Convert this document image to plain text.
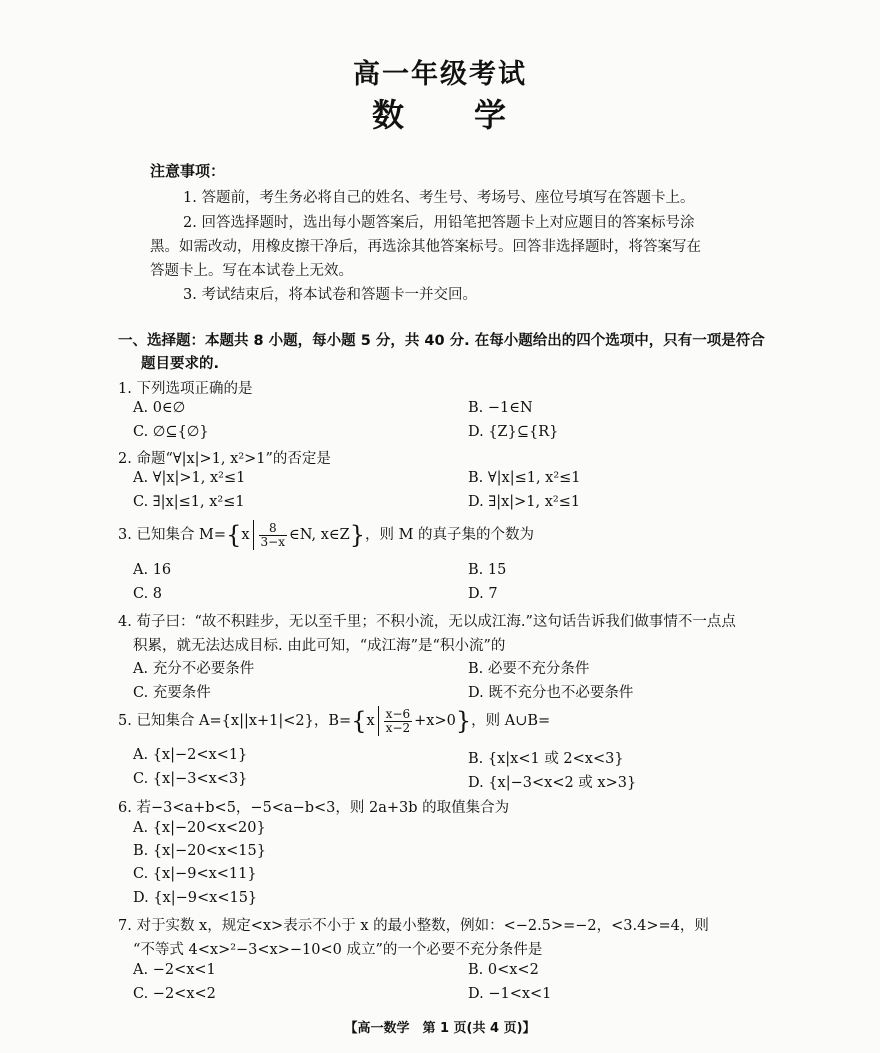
高一年级考试
数 学
注意事项：
1. 答题前，考生务必将自己的姓名、考生号、考场号、座位号填写在答题卡上。
2. 回答选择题时，选出每小题答案后，用铅笔把答题卡上对应题目的答案标号涂
黑。如需改动，用橡皮擦干净后，再选涂其他答案标号。回答非选择题时，将答案写在
答题卡上。写在本试卷上无效。
3. 考试结束后，将本试卷和答题卡一并交回。
一、选择题：本题共 8 小题，每小题 5 分，共 40 分. 在每小题给出的四个选项中，只有一项是符合
题目要求的.
1. 下列选项正确的是
A. 0∈∅	B. −1∈N
C. ∅⊆{∅}	D. {Z}⊆{R}
2. 命题“∀|x|>1, x²>1”的否定是
A. ∀|x|>1, x²≤1	B. ∀|x|≤1, x²≤1
C. ∃|x|≤1, x²≤1	D. ∃|x|>1, x²≤1
3. 已知集合 $M=\{x \frac{8}{3-x}$ ∈N, x∈Z}，则 M 的真子集的个数为
A. 16	B. 15
C. 8	D. 7
4. 荀子曰：“故不积跬步，无以至千里；不积小流，无以成江海.”这句话告诉我们做事情不一点点
积累，就无法达成目标. 由此可知，“成江海”是“积小流”的
A. 充分不必要条件	B. 必要不充分条件
C. 充要条件	D. 既不充分也不必要条件
5. 已知集合 A={x||x+1|<2}，$B=\{x \frac{x-6}{x-2} +x>0\}$，则 A∪B=
A. {x|−2<x<1}	B. {x|x<1 或 2<x<3}
C. {x|−3<x<3}	D. {x|−3<x<2 或 x>3}
6. 若−3<a+b<5，−5<a−b<3，则 2a+3b 的取值集合为
A. {x|−20<x<20}
B. {x|−20<x<15}
C. {x|−9<x<11}
D. {x|−9<x<15}
7. 对于实数 x，规定<x>表示不小于 x 的最小整数，例如：<−2.5>=−2，<3.4>=4，则
“不等式 4<x>²−3<x>−10<0 成立”的一个必要不充分条件是
A. −2<x<1	B. 0<x<2
C. −2<x<2	D. −1<x<1
【高一数学　第 1 页(共 4 页)】
